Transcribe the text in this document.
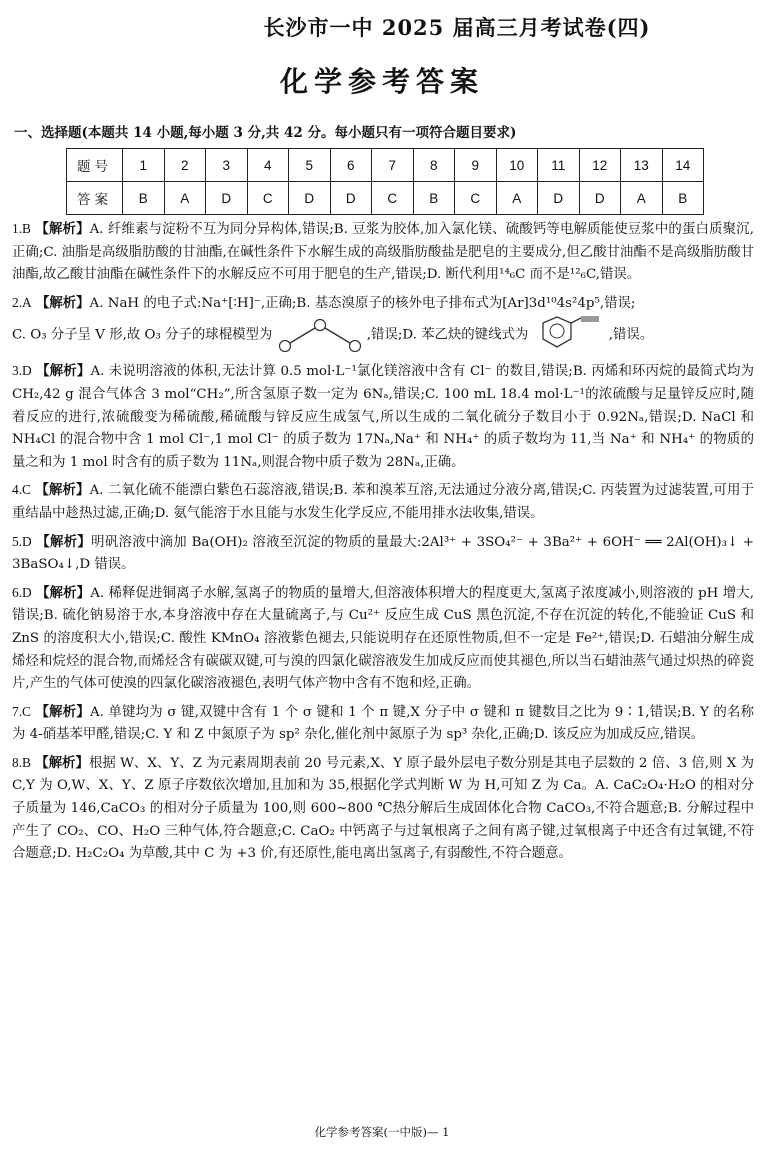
长沙市一中 2025 届高三月考试卷(四)
化学参考答案
一、选择题(本题共 14 小题,每小题 3 分,共 42 分。每小题只有一项符合题目要求)
题号	1	2	3	4	5	6	7	8	9	10	11	12	13	14
答案	B	A	D	C	D	D	C	B	C	A	D	D	A	B

1.B 【解析】A. 纤维素与淀粉不互为同分异构体,错误;B. 豆浆为胶体,加入氯化镁、硫酸钙等电解质能使豆浆中的蛋白质聚沉,正确;C. 油脂是高级脂肪酸的甘油酯,在碱性条件下水解生成的高级脂肪酸盐是肥皂的主要成分,但乙酸甘油酯不是高级脂肪酸甘油酯,故乙酸甘油酯在碱性条件下的水解反应不可用于肥皂的生产,错误;D. 断代利用¹⁴₆C 而不是¹²₆C,错误。

2.A 【解析】A. NaH 的电子式:Na⁺[∶H]⁻,正确;B. 基态溴原子的核外电子排布式为[Ar]3d¹⁰4s²4p⁵,错误;
C. O₃ 分子呈 V 形,故 O₃ 分子的球棍模型为	,错误;D. 苯乙炔的键线式为	,错误。

3.D 【解析】A. 未说明溶液的体积,无法计算 0.5 mol·L⁻¹氯化镁溶液中含有 Cl⁻ 的数目,错误;B. 丙烯和环丙烷的最简式均为 CH₂,42 g 混合气体含 3 mol“CH₂”,所含氢原子数一定为 6Nₐ,错误;C. 100 mL 18.4 mol·L⁻¹的浓硫酸与足量锌反应时,随着反应的进行,浓硫酸变为稀硫酸,稀硫酸与锌反应生成氢气,所以生成的二氧化硫分子数目小于 0.92Nₐ,错误;D. NaCl 和 NH₄Cl 的混合物中含 1 mol Cl⁻,1 mol Cl⁻ 的质子数为 17Nₐ,Na⁺ 和 NH₄⁺ 的质子数均为 11,当 Na⁺ 和 NH₄⁺ 的物质的量之和为 1 mol 时含有的质子数为 11Nₐ,则混合物中质子数为 28Nₐ,正确。

4.C 【解析】A. 二氧化硫不能漂白紫色石蕊溶液,错误;B. 苯和溴苯互溶,无法通过分液分离,错误;C. 丙装置为过滤装置,可用于重结晶中趁热过滤,正确;D. 氨气能溶于水且能与水发生化学反应,不能用排水法收集,错误。

5.D 【解析】明矾溶液中滴加 Ba(OH)₂ 溶液至沉淀的物质的量最大:2Al³⁺ + 3SO₄²⁻ + 3Ba²⁺ + 6OH⁻ ══ 2Al(OH)₃↓ + 3BaSO₄↓,D 错误。

6.D 【解析】A. 稀释促进铜离子水解,氢离子的物质的量增大,但溶液体积增大的程度更大,氢离子浓度减小,则溶液的 pH 增大,错误;B. 硫化钠易溶于水,本身溶液中存在大量硫离子,与 Cu²⁺ 反应生成 CuS 黑色沉淀,不存在沉淀的转化,不能验证 CuS 和 ZnS 的溶度积大小,错误;C. 酸性 KMnO₄ 溶液紫色褪去,只能说明存在还原性物质,但不一定是 Fe²⁺,错误;D. 石蜡油分解生成烯烃和烷烃的混合物,而烯烃含有碳碳双键,可与溴的四氯化碳溶液发生加成反应而使其褪色,所以当石蜡油蒸气通过炽热的碎瓷片,产生的气体可使溴的四氯化碳溶液褪色,表明气体产物中含有不饱和烃,正确。

7.C 【解析】A. 单键均为 σ 键,双键中含有 1 个 σ 键和 1 个 π 键,X 分子中 σ 键和 π 键数目之比为 9∶1,错误;B. Y 的名称为 4-硝基苯甲醛,错误;C. Y 和 Z 中氮原子为 sp² 杂化,催化剂中氮原子为 sp³ 杂化,正确;D. 该反应为加成反应,错误。

8.B 【解析】根据 W、X、Y、Z 为元素周期表前 20 号元素,X、Y 原子最外层电子数分别是其电子层数的 2 倍、3 倍,则 X 为 C,Y 为 O,W、X、Y、Z 原子序数依次增加,且加和为 35,根据化学式判断 W 为 H,可知 Z 为 Ca。A. CaC₂O₄·H₂O 的相对分子质量为 146,CaCO₃ 的相对分子质量为 100,则 600~800 ℃热分解后生成固体化合物 CaCO₃,不符合题意;B. 分解过程中产生了 CO₂、CO、H₂O 三种气体,符合题意;C. CaO₂ 中钙离子与过氧根离子之间有离子键,过氧根离子中还含有过氧键,不符合题意;D. H₂C₂O₄ 为草酸,其中 C 为 +3 价,有还原性,能电离出氢离子,有弱酸性,不符合题意。

化学参考答案(一中版)— 1
